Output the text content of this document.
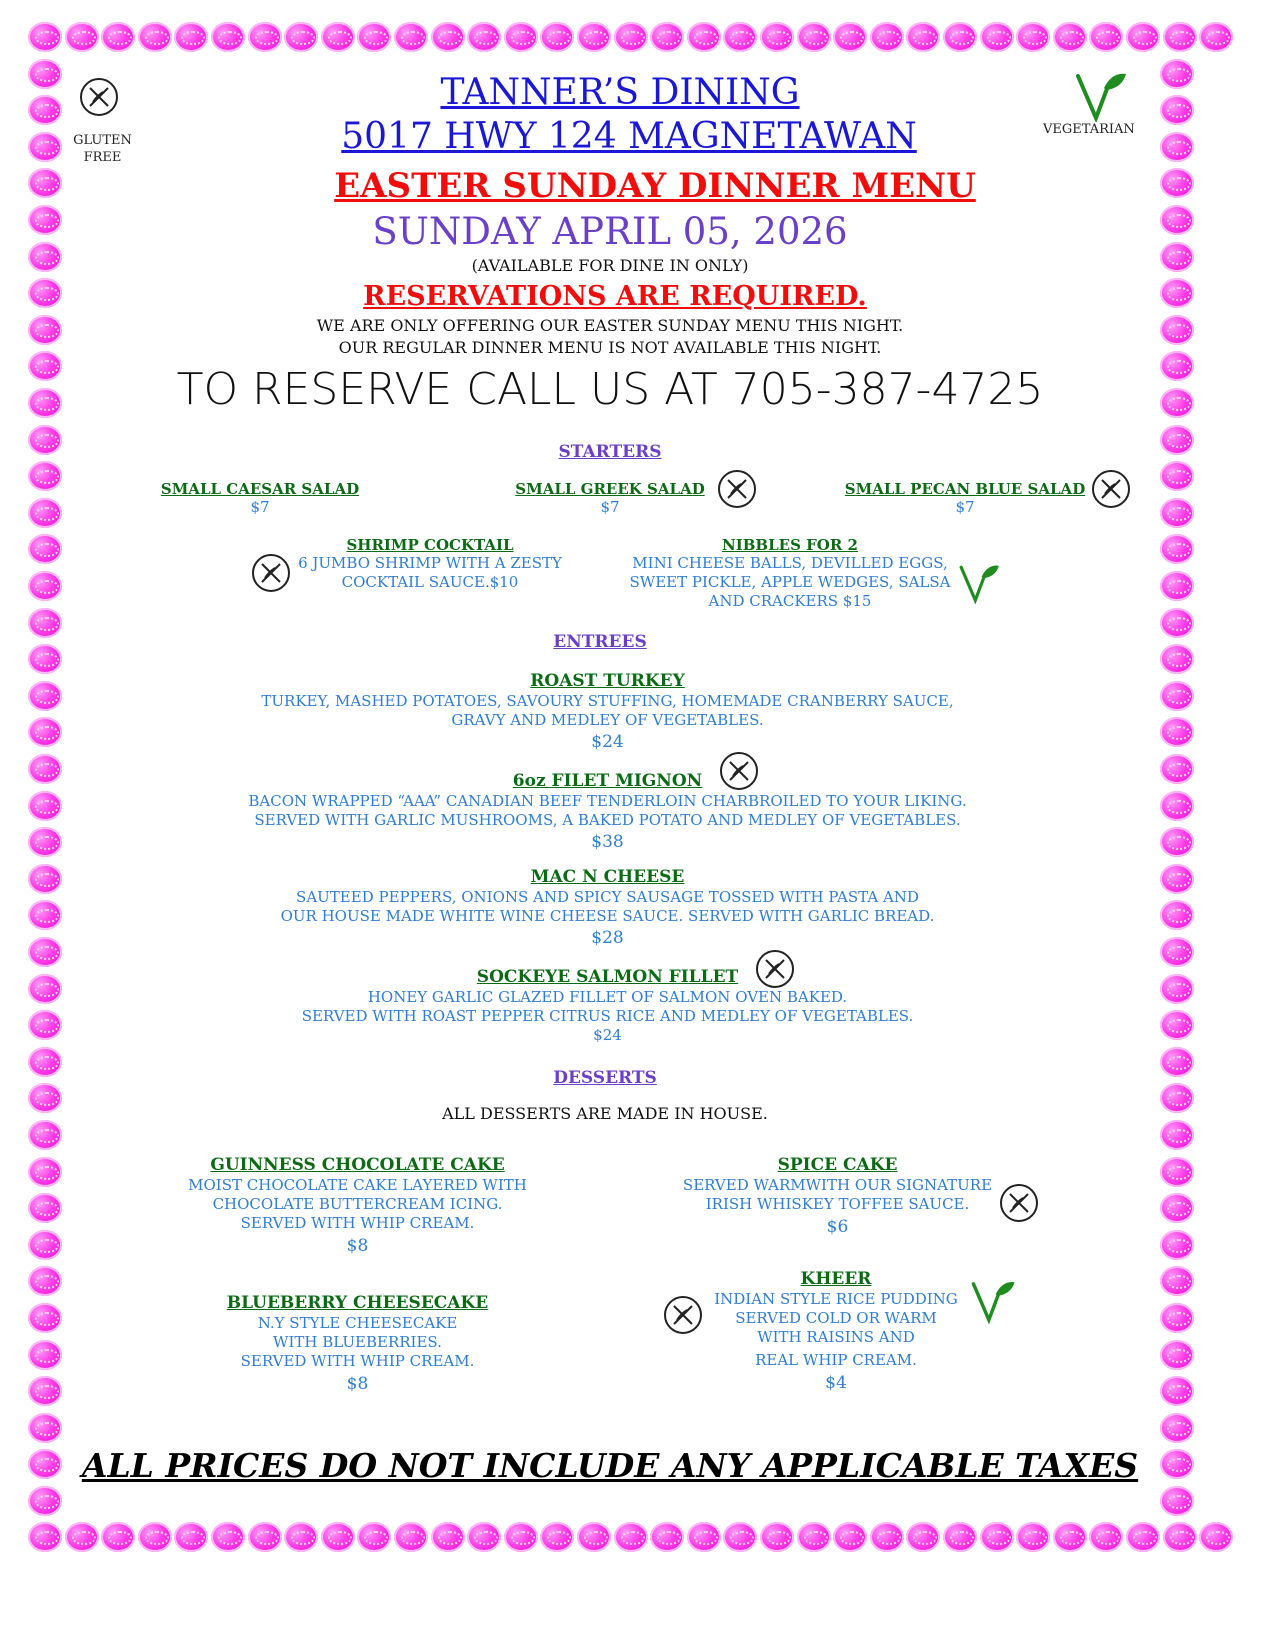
GLUTEN
FREE
VEGETARIAN
TANNER’S DINING
5017 HWY 124 MAGNETAWAN
EASTER SUNDAY DINNER MENU
SUNDAY APRIL 05, 2026
(AVAILABLE FOR DINE IN ONLY)
RESERVATIONS ARE REQUIRED.
WE ARE ONLY OFFERING OUR EASTER SUNDAY MENU THIS NIGHT.
OUR REGULAR DINNER MENU IS NOT AVAILABLE THIS NIGHT.
TO RESERVE CALL US AT 705-387-4725
STARTERS
SMALL CAESAR SALAD
$7
SMALL GREEK SALAD
$7
SMALL PECAN BLUE SALAD
$7
SHRIMP COCKTAIL
6 JUMBO SHRIMP WITH A ZESTY
COCKTAIL SAUCE.$10
NIBBLES FOR 2
MINI CHEESE BALLS, DEVILLED EGGS,
SWEET PICKLE, APPLE WEDGES, SALSA
AND CRACKERS $15
ENTREES
ROAST TURKEY
TURKEY, MASHED POTATOES, SAVOURY STUFFING, HOMEMADE CRANBERRY SAUCE,
GRAVY AND MEDLEY OF VEGETABLES.
$24
6oz FILET MIGNON
BACON WRAPPED “AAA” CANADIAN BEEF TENDERLOIN CHARBROILED TO YOUR LIKING.
SERVED WITH GARLIC MUSHROOMS, A BAKED POTATO AND MEDLEY OF VEGETABLES.
$38
MAC N CHEESE
SAUTEED PEPPERS, ONIONS AND SPICY SAUSAGE TOSSED WITH PASTA AND
OUR HOUSE MADE WHITE WINE CHEESE SAUCE. SERVED WITH GARLIC BREAD.
$28
SOCKEYE SALMON FILLET
HONEY GARLIC GLAZED FILLET OF SALMON OVEN BAKED.
SERVED WITH ROAST PEPPER CITRUS RICE AND MEDLEY OF VEGETABLES.
$24
DESSERTS
ALL DESSERTS ARE MADE IN HOUSE.
GUINNESS CHOCOLATE CAKE
MOIST CHOCOLATE CAKE LAYERED WITH
CHOCOLATE BUTTERCREAM ICING.
SERVED WITH WHIP CREAM.
$8
SPICE CAKE
SERVED WARMWITH OUR SIGNATURE
IRISH WHISKEY TOFFEE SAUCE.
$6
BLUEBERRY CHEESECAKE
N.Y STYLE CHEESECAKE
WITH BLUEBERRIES.
SERVED WITH WHIP CREAM.
$8
KHEER
INDIAN STYLE RICE PUDDING
SERVED COLD OR WARM
WITH RAISINS AND
REAL WHIP CREAM.
$4
ALL PRICES DO NOT INCLUDE ANY APPLICABLE TAXES
